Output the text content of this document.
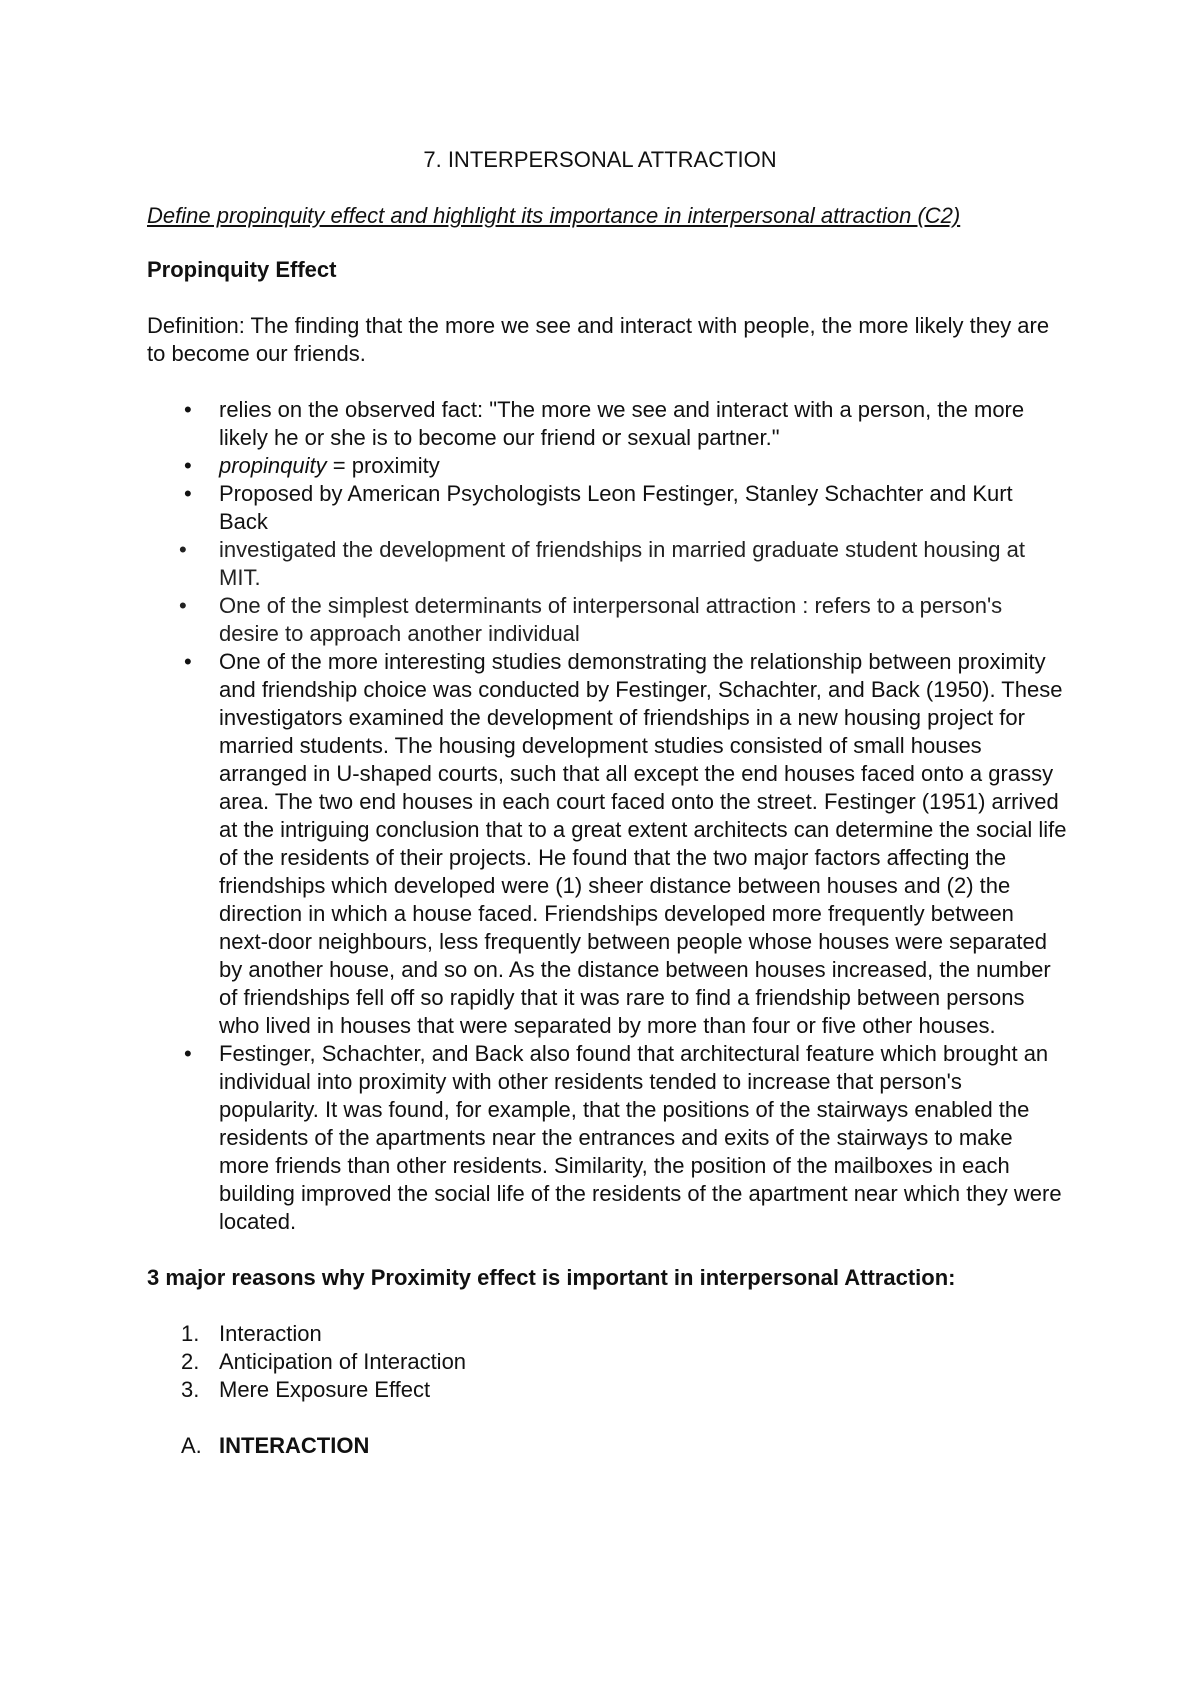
7. INTERPERSONAL ATTRACTION
Define propinquity effect and highlight its importance in interpersonal attraction (C2)

Propinquity Effect

Definition: The finding that the more we see and interact with people, the more likely they are to become our friends.

• relies on the observed fact: "The more we see and interact with a person, the more likely he or she is to become our friend or sexual partner."
• propinquity = proximity
• Proposed by American Psychologists Leon Festinger, Stanley Schachter and Kurt Back
• investigated the development of friendships in married graduate student housing at MIT.
• One of the simplest determinants of interpersonal attraction : refers to a person's desire to approach another individual
• One of the more interesting studies demonstrating the relationship between proximity and friendship choice was conducted by Festinger, Schachter, and Back (1950). These investigators examined the development of friendships in a new housing project for married students. The housing development studies consisted of small houses arranged in U-shaped courts, such that all except the end houses faced onto a grassy area. The two end houses in each court faced onto the street. Festinger (1951) arrived at the intriguing conclusion that to a great extent architects can determine the social life of the residents of their projects. He found that the two major factors affecting the friendships which developed were (1) sheer distance between houses and (2) the direction in which a house faced. Friendships developed more frequently between next-door neighbours, less frequently between people whose houses were separated by another house, and so on. As the distance between houses increased, the number of friendships fell off so rapidly that it was rare to find a friendship between persons who lived in houses that were separated by more than four or five other houses.
• Festinger, Schachter, and Back also found that architectural feature which brought an individual into proximity with other residents tended to increase that person's popularity. It was found, for example, that the positions of the stairways enabled the residents of the apartments near the entrances and exits of the stairways to make more friends than other residents. Similarity, the position of the mailboxes in each building improved the social life of the residents of the apartment near which they were located.

3 major reasons why Proximity effect is important in interpersonal Attraction:

1. Interaction
2. Anticipation of Interaction
3. Mere Exposure Effect
A. INTERACTION
